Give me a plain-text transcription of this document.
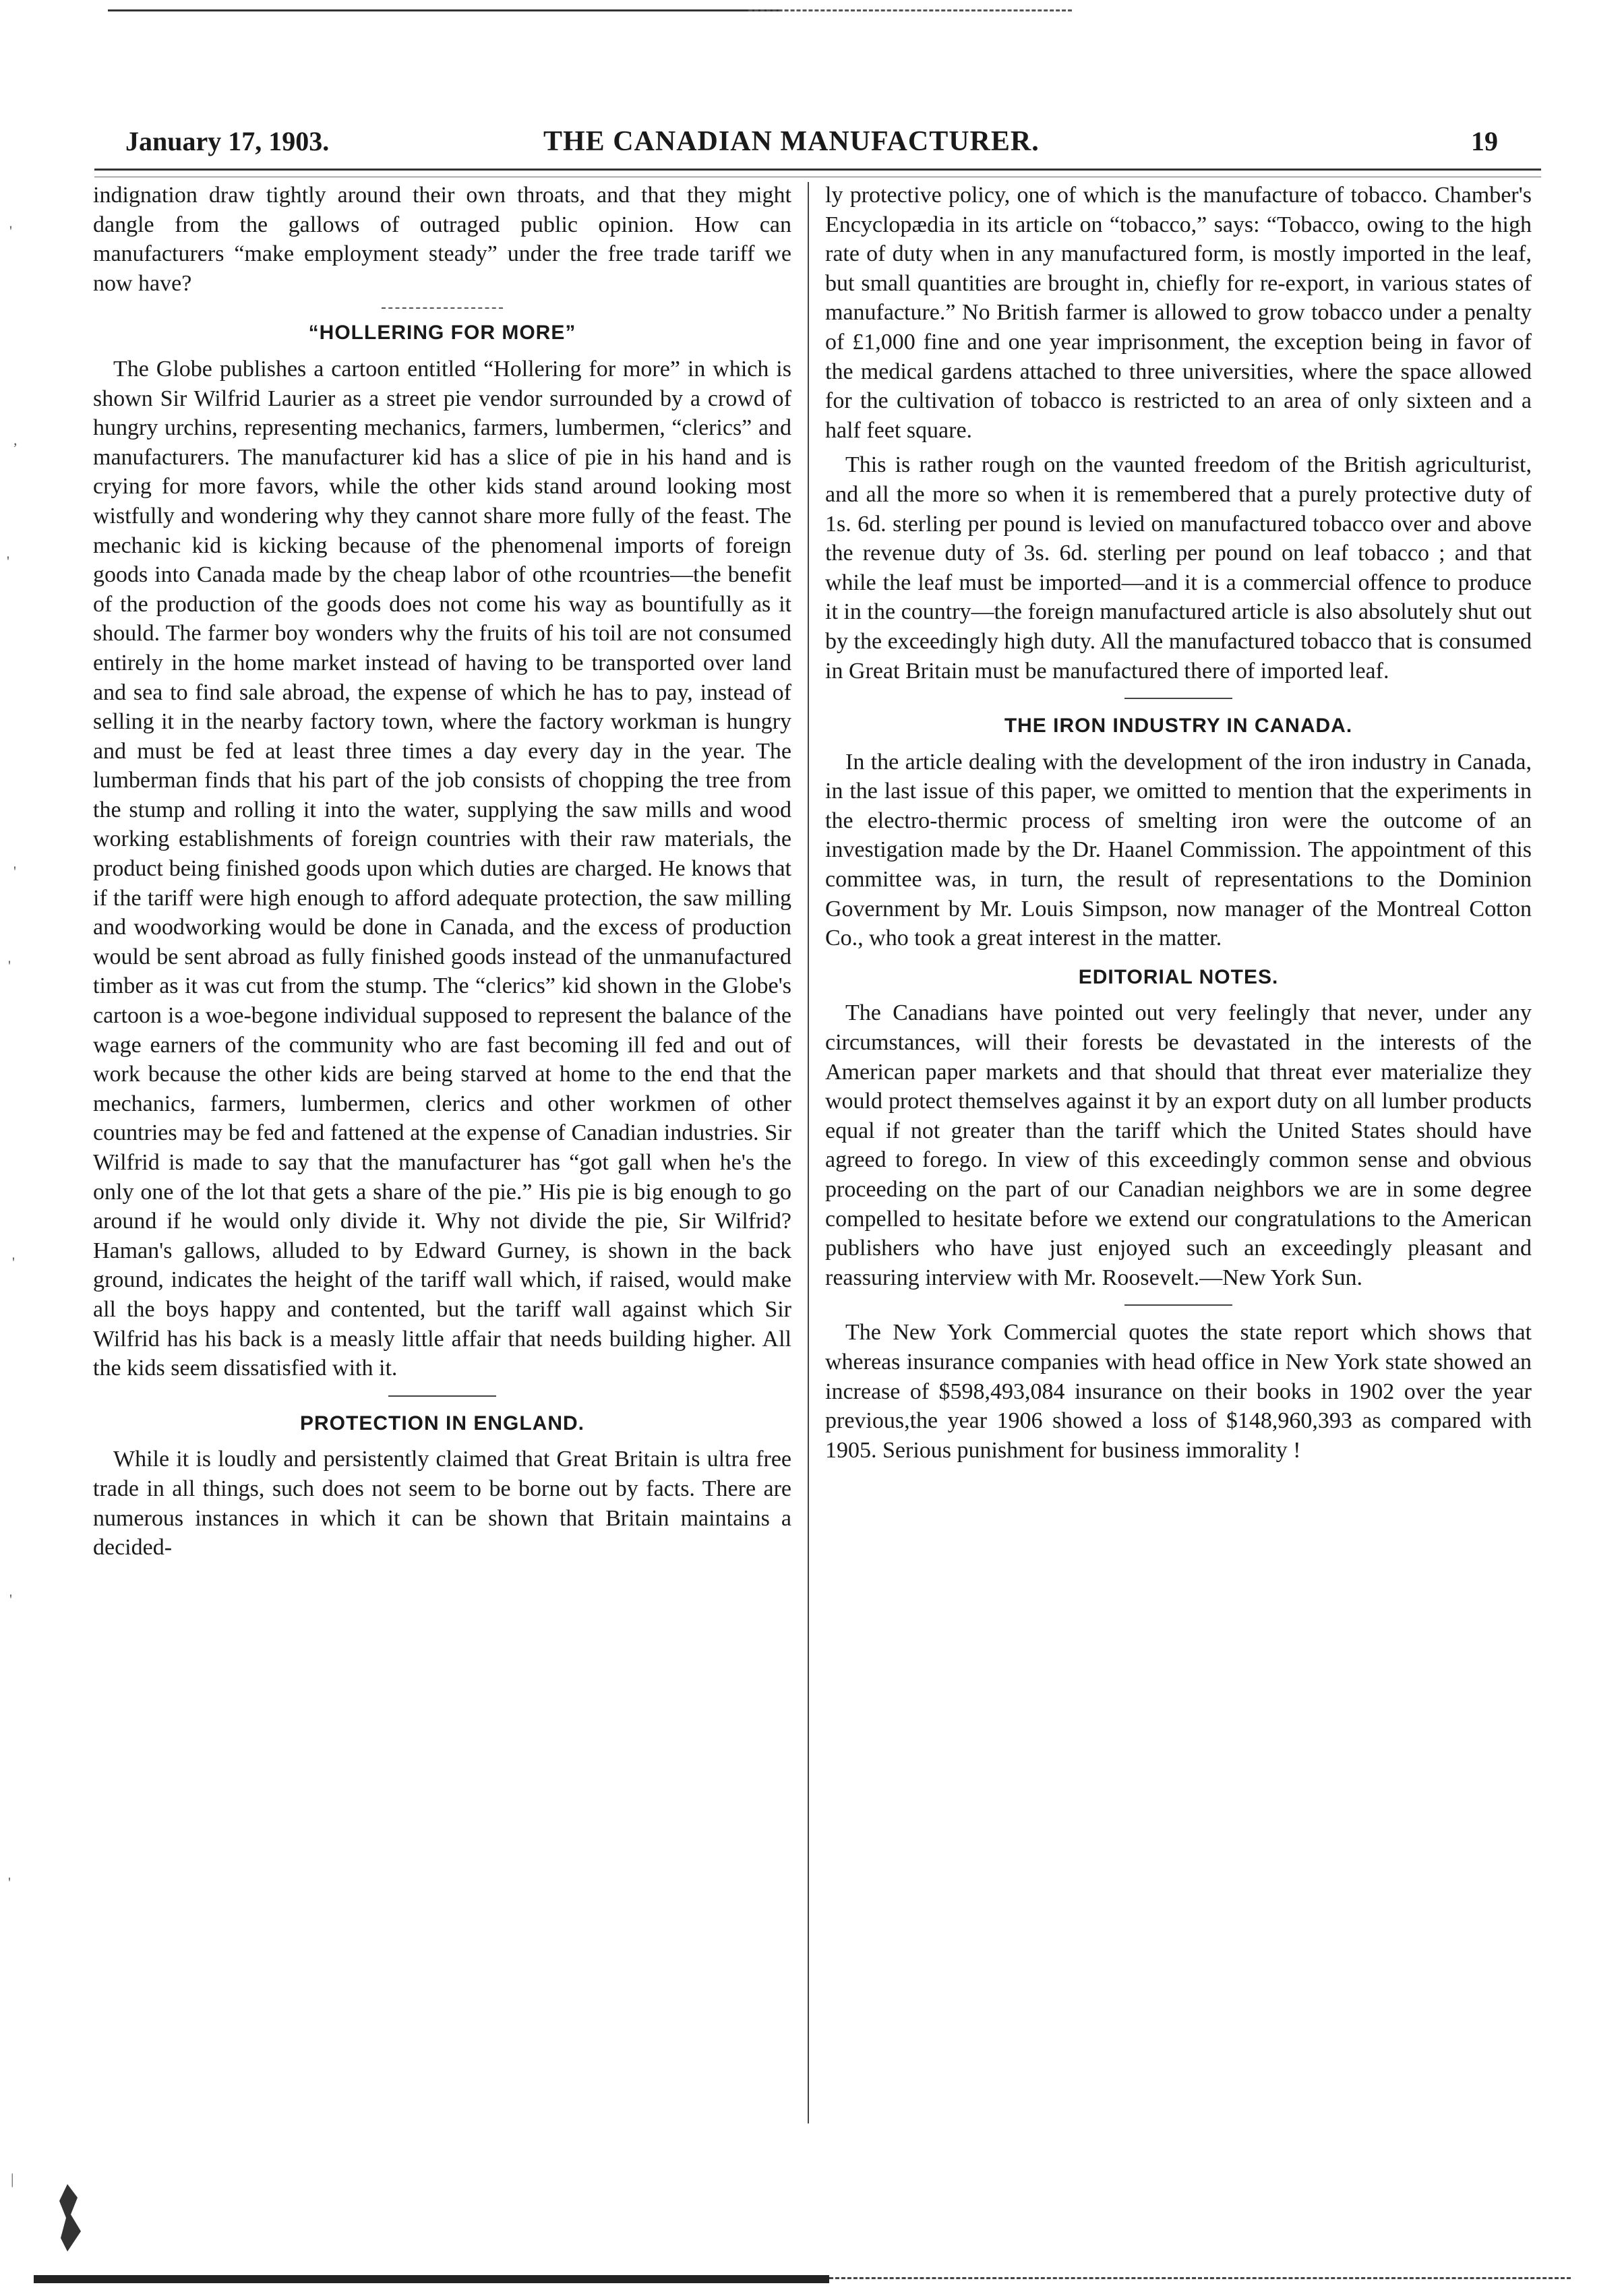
January 17, 1903.	THE CANADIAN MANUFACTURER.	19
'
,
'
'
'
'
'
'
|

indignation draw tightly around their own throats, and that they might dangle from the gallows of outraged public opinion. How can manufacturers “make employment steady” under the free trade tariff we now have?

“HOLLERING FOR MORE”

The Globe publishes a cartoon entitled “Hollering for more” in which is shown Sir Wilfrid Laurier as a street pie vendor surrounded by a crowd of hungry urchins, representing mechanics, farmers, lumbermen, “clerics” and manufacturers. The manufacturer kid has a slice of pie in his hand and is crying for more favors, while the other kids stand around looking most wistfully and wondering why they cannot share more fully of the feast. The mechanic kid is kicking because of the phenomenal imports of foreign goods into Canada made by the cheap labor of othe rcountries—the benefit of the production of the goods does not come his way as bountifully as it should. The farmer boy wonders why the fruits of his toil are not consumed entirely in the home market instead of having to be transported over land and sea to find sale abroad, the expense of which he has to pay, instead of selling it in the nearby factory town, where the factory workman is hungry and must be fed at least three times a day every day in the year. The lumberman finds that his part of the job consists of chopping the tree from the stump and rolling it into the water, supplying the saw mills and wood working establishments of foreign countries with their raw materials, the product being finished goods upon which duties are charged. He knows that if the tariff were high enough to afford adequate protection, the saw milling and woodworking would be done in Canada, and the excess of production would be sent abroad as fully finished goods instead of the unmanufactured timber as it was cut from the stump. The “clerics” kid shown in the Globe's cartoon is a woe-begone individual supposed to represent the balance of the wage earners of the community who are fast becoming ill fed and out of work because the other kids are being starved at home to the end that the mechanics, farmers, lumbermen, clerics and other workmen of other countries may be fed and fattened at the expense of Canadian industries. Sir Wilfrid is made to say that the manufacturer has “got gall when he's the only one of the lot that gets a share of the pie.” His pie is big enough to go around if he would only divide it. Why not divide the pie, Sir Wilfrid? Haman's gallows, alluded to by Edward Gurney, is shown in the back ground, indicates the height of the tariff wall which, if raised, would make all the boys happy and contented, but the tariff wall against which Sir Wilfrid has his back is a measly little affair that needs building higher. All the kids seem dissatisfied with it.

PROTECTION IN ENGLAND.

While it is loudly and persistently claimed that Great Britain is ultra free trade in all things, such does not seem to be borne out by facts. There are numerous instances in which it can be shown that Britain maintains a decided-

ly protective policy, one of which is the manufacture of tobacco. Chamber's Encyclopædia in its article on “tobacco,” says: “Tobacco, owing to the high rate of duty when in any manufactured form, is mostly imported in the leaf, but small quantities are brought in, chiefly for re-export, in various states of manufacture.” No British farmer is allowed to grow tobacco under a penalty of £1,000 fine and one year imprisonment, the exception being in favor of the medical gardens attached to three universities, where the space allowed for the cultivation of tobacco is restricted to an area of only sixteen and a half feet square.

This is rather rough on the vaunted freedom of the British agriculturist, and all the more so when it is remembered that a purely protective duty of 1s. 6d. sterling per pound is levied on manufactured tobacco over and above the revenue duty of 3s. 6d. sterling per pound on leaf tobacco ; and that while the leaf must be imported—and it is a commercial offence to produce it in the country—the foreign manufactured article is also absolutely shut out by the exceedingly high duty. All the manufactured tobacco that is consumed in Great Britain must be manufactured there of imported leaf.

THE IRON INDUSTRY IN CANADA.

In the article dealing with the development of the iron industry in Canada, in the last issue of this paper, we omitted to mention that the experiments in the electro-thermic process of smelting iron were the outcome of an investigation made by the Dr. Haanel Commission. The appointment of this committee was, in turn, the result of representations to the Dominion Government by Mr. Louis Simpson, now manager of the Montreal Cotton Co., who took a great interest in the matter.

EDITORIAL NOTES.

The Canadians have pointed out very feelingly that never, under any circumstances, will their forests be devastated in the interests of the American paper markets and that should that threat ever materialize they would protect themselves against it by an export duty on all lumber products equal if not greater than the tariff which the United States should have agreed to forego. In view of this exceedingly common sense and obvious proceeding on the part of our Canadian neighbors we are in some degree compelled to hesitate before we extend our congratulations to the American publishers who have just enjoyed such an exceedingly pleasant and reassuring interview with Mr. Roosevelt.—New York Sun.

The New York Commercial quotes the state report which shows that whereas insurance companies with head office in New York state showed an increase of $598,493,084 insurance on their books in 1902 over the year previous,the year 1906 showed a loss of $148,960,393 as compared with 1905. Serious punishment for business immorality !
